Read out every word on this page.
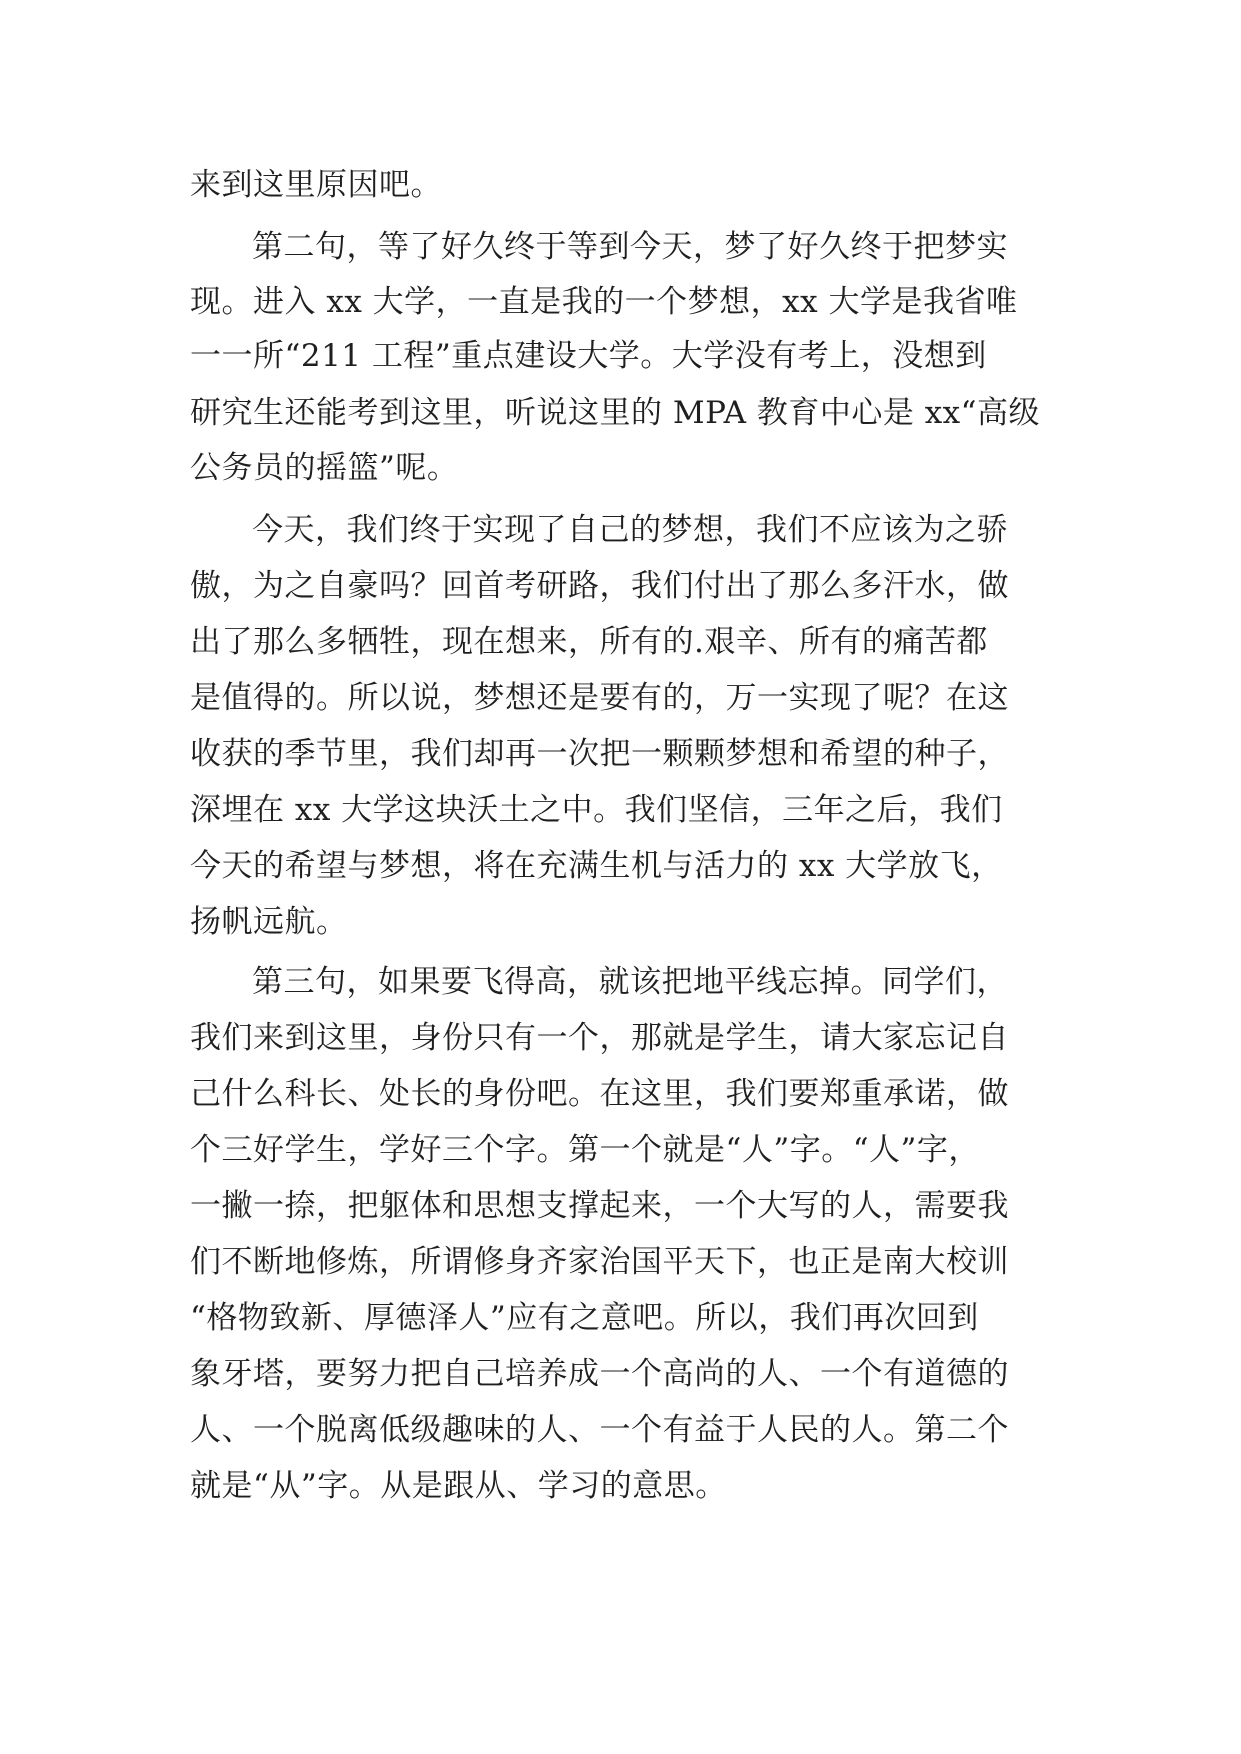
来到这里原因吧。

第二句，等了好久终于等到今天，梦了好久终于把梦实

现。进入 xx 大学，一直是我的一个梦想，xx 大学是我省唯

一一所“211 工程”重点建设大学。大学没有考上，没想到

研究生还能考到这里，听说这里的 MPA 教育中心是 xx“高级

公务员的摇篮”呢。

今天，我们终于实现了自己的梦想，我们不应该为之骄

傲，为之自豪吗？回首考研路，我们付出了那么多汗水，做

出了那么多牺牲，现在想来，所有的.艰辛、所有的痛苦都

是值得的。所以说，梦想还是要有的，万一实现了呢？在这

收获的季节里，我们却再一次把一颗颗梦想和希望的种子，

深埋在 xx 大学这块沃土之中。我们坚信，三年之后，我们

今天的希望与梦想，将在充满生机与活力的 xx 大学放飞，

扬帆远航。

第三句，如果要飞得高，就该把地平线忘掉。同学们，

我们来到这里，身份只有一个，那就是学生，请大家忘记自

己什么科长、处长的身份吧。在这里，我们要郑重承诺，做

个三好学生，学好三个字。第一个就是“人”字。“人”字，

一撇一捺，把躯体和思想支撑起来，一个大写的人，需要我

们不断地修炼，所谓修身齐家治国平天下，也正是南大校训

“格物致新、厚德泽人”应有之意吧。所以，我们再次回到

象牙塔，要努力把自己培养成一个高尚的人、一个有道德的

人、一个脱离低级趣味的人、一个有益于人民的人。第二个

就是“从”字。从是跟从、学习的意思。
